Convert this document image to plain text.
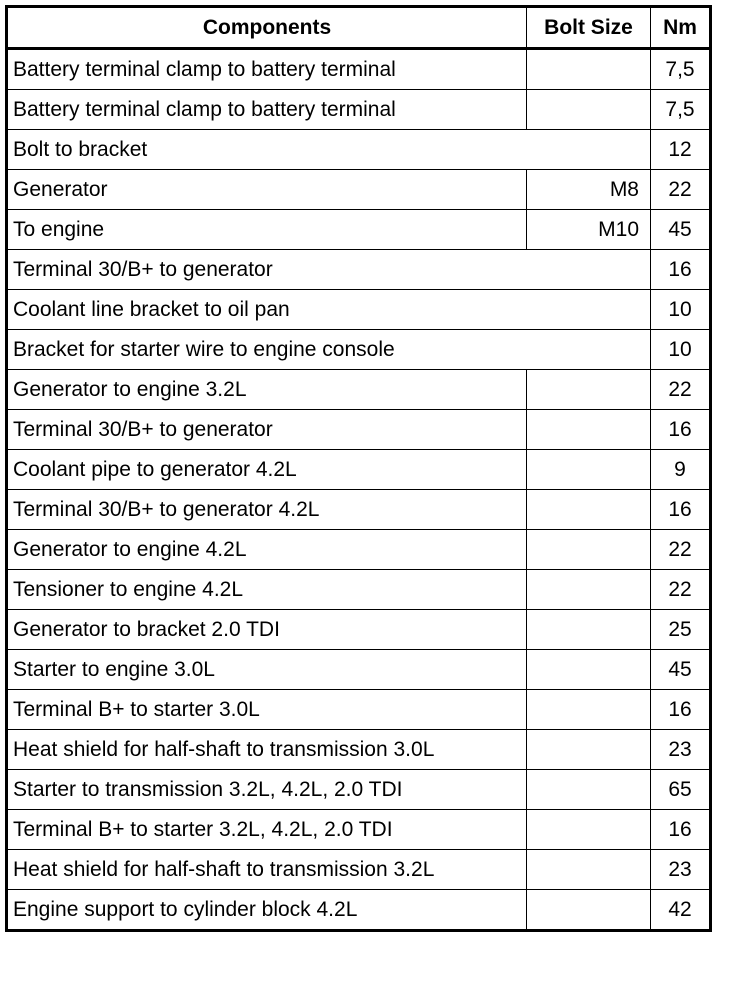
Components	Bolt Size	Nm
Battery terminal clamp to battery terminal		7,5
Battery terminal clamp to battery terminal		7,5
Bolt to bracket		12
Generator	M8	22
To engine	M10	45
Terminal 30/B+ to generator		16
Coolant line bracket to oil pan		10
Bracket for starter wire to engine console		10
Generator to engine 3.2L		22
Terminal 30/B+ to generator		16
Coolant pipe to generator 4.2L		9
Terminal 30/B+ to generator 4.2L		16
Generator to engine 4.2L		22
Tensioner to engine 4.2L		22
Generator to bracket 2.0 TDI		25
Starter to engine 3.0L		45
Terminal B+ to starter 3.0L		16
Heat shield for half-shaft to transmission 3.0L		23
Starter to transmission 3.2L, 4.2L, 2.0 TDI		65
Terminal B+ to starter 3.2L, 4.2L, 2.0 TDI		16
Heat shield for half-shaft to transmission 3.2L		23
Engine support to cylinder block 4.2L		42
